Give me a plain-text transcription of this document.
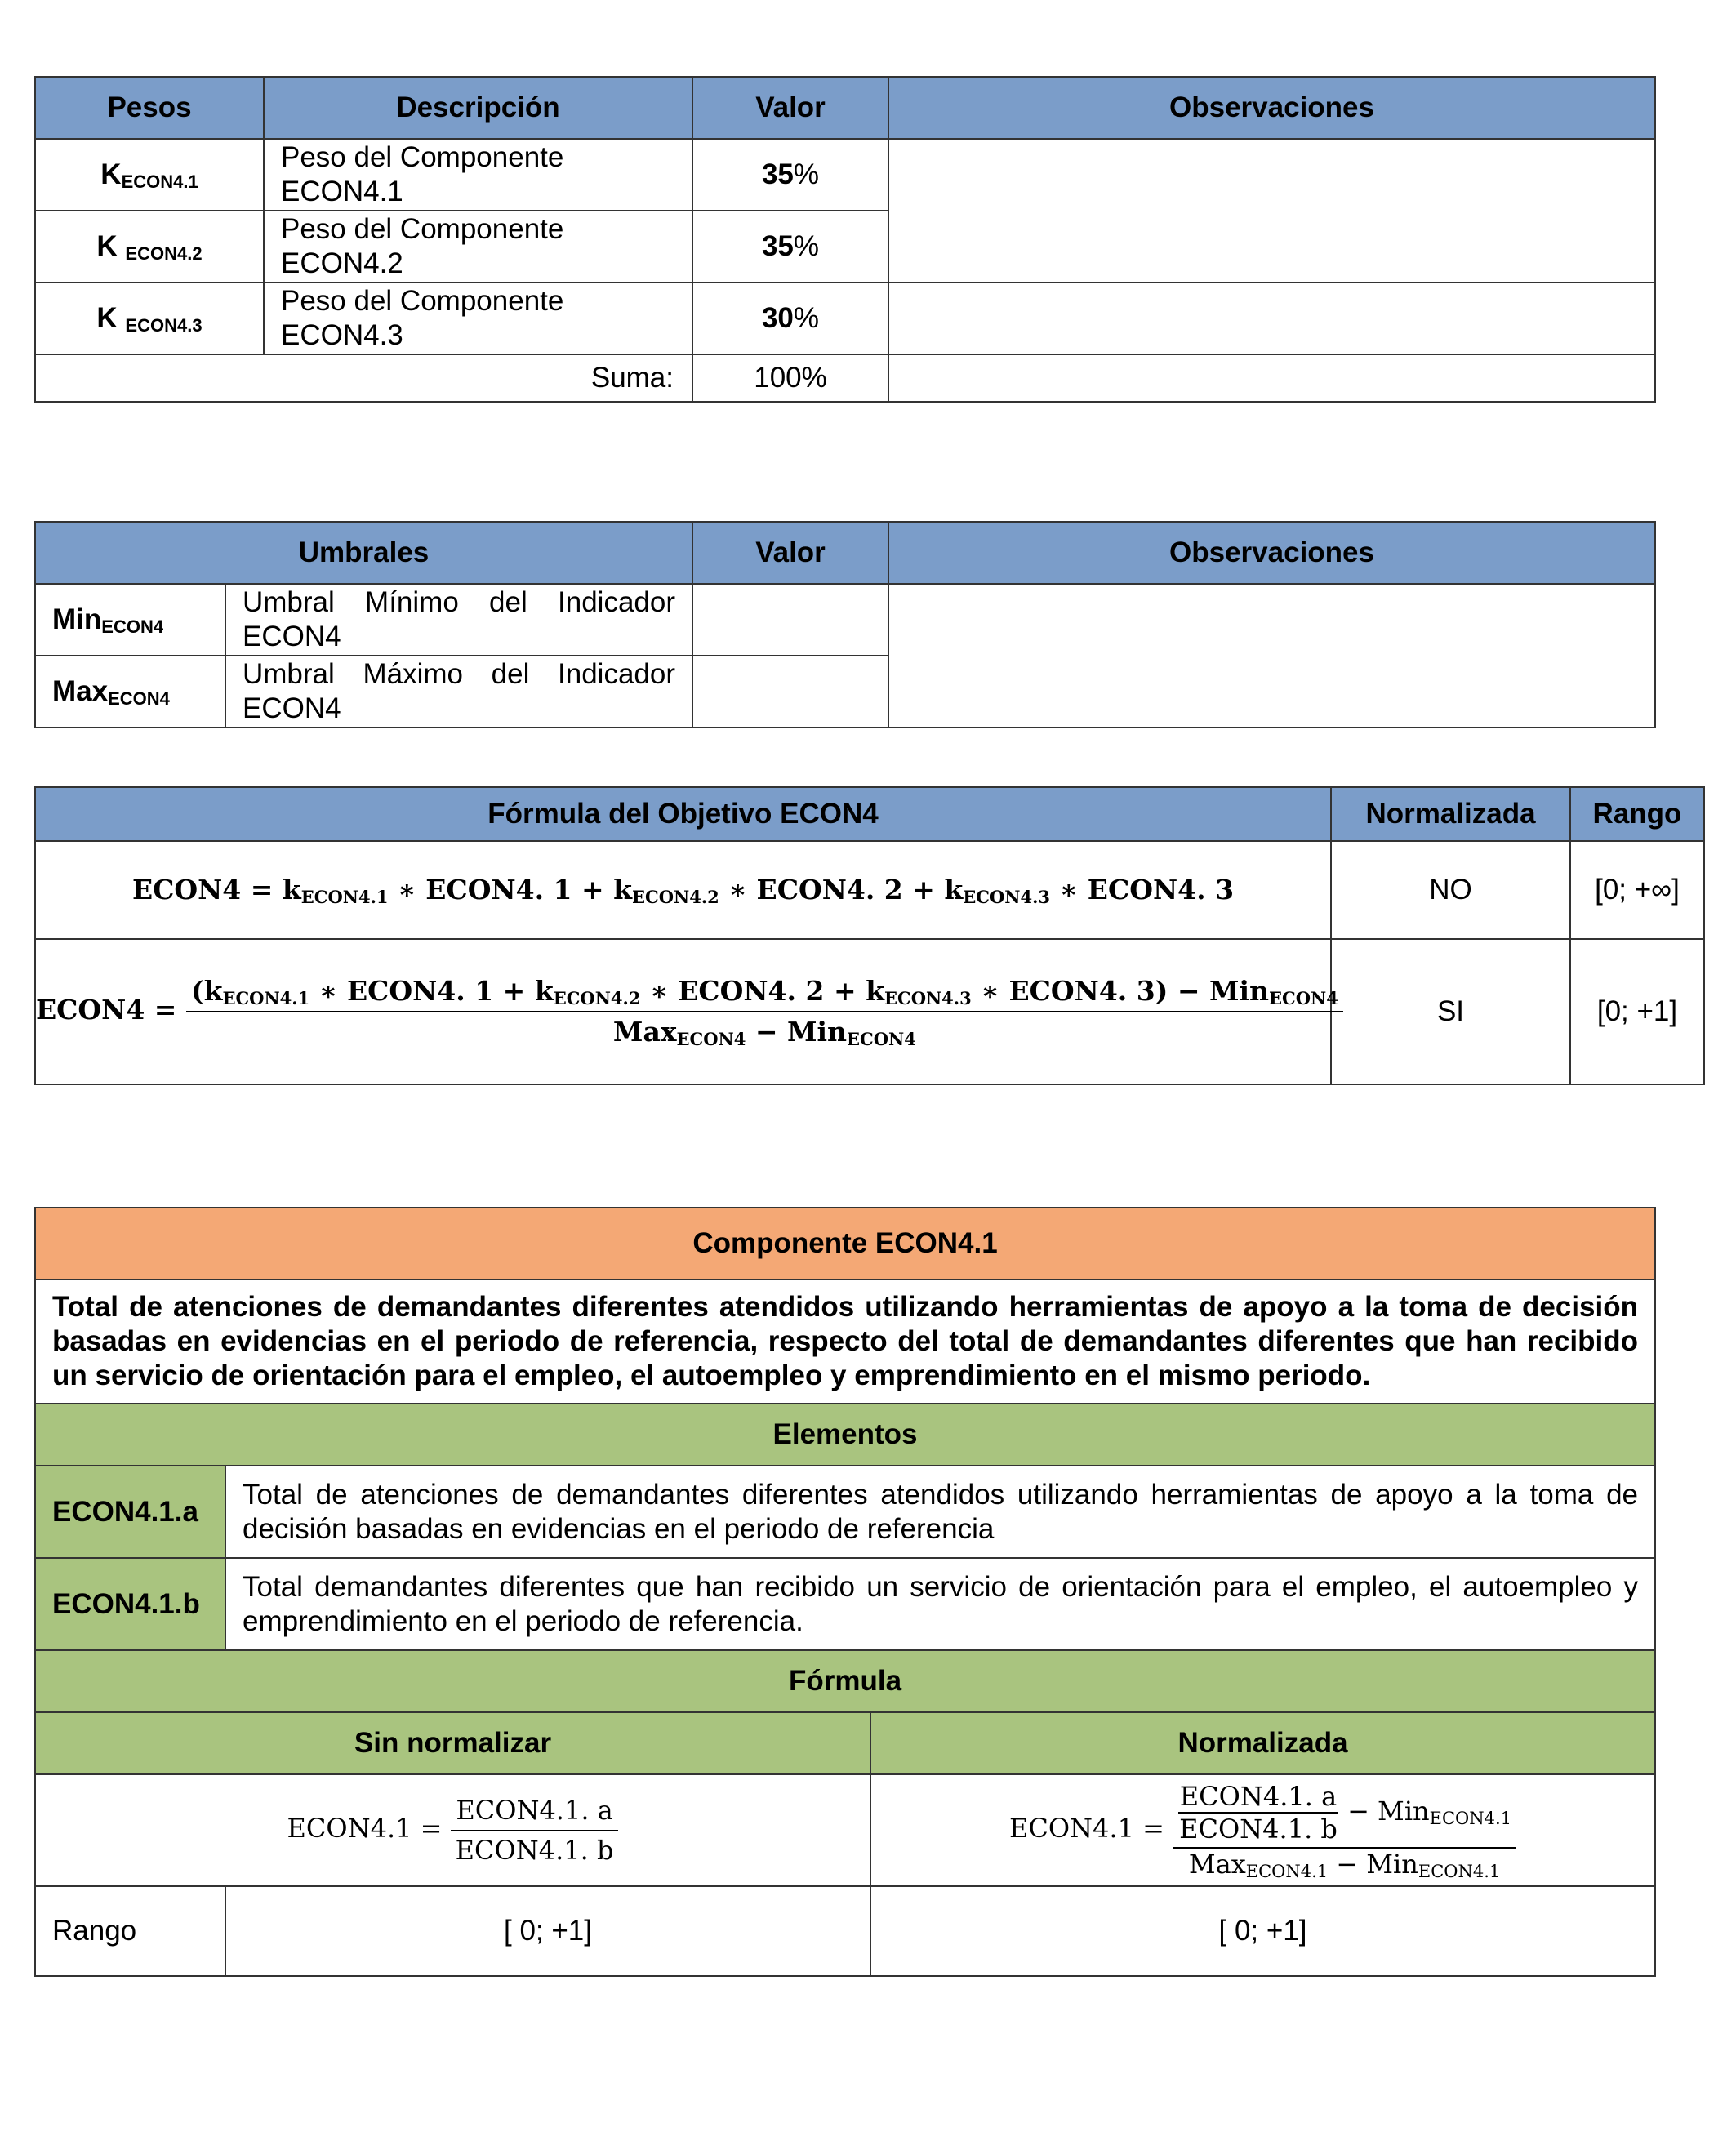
Pesos	Descripción	Valor	Observaciones
$K_{ECON4.1}$	Peso del Componente ECON4.1	35%	
K $_{ECON4.2}$	Peso del Componente ECON4.2	35%	
K $_{ECON4.3}$	Peso del Componente ECON4.3	30%	
Suma:		100%	
Umbrales		Valor	Observaciones
Min$_{ECON4}$	Umbral Mínimo del Indicador ECON4		
Max$_{ECON4}$	Umbral Máximo del Indicador ECON4		
Fórmula del Objetivo ECON4	Normalizada	Rango
ECON4 = $k_{ECON4.1}$ ∗ ECON4. $1 + k_{ECON4.2}$ ∗ ECON4. $2 + k_{ECON4.3}$ ∗ ECON4. 3	NO	[0; +∞]
ECON4 =
($k_{ECON4.1}$ ∗ ECON4. $1 + k_{ECON4.2}$ ∗ ECON4. $2 + k_{ECON4.3}$ ∗ ECON4. 3) − Min$_{ECON4}$
Max$_{ECON4}$ − Min$_{ECON4}$	SI	[0; +1]
Componente ECON4.1		
Total de atenciones de demandantes diferentes atendidos utilizando herramientas de apoyo a la toma de decisión basadas en evidencias en el periodo de referencia, respecto del total de demandantes diferentes que han recibido un servicio de orientación para el empleo, el autoempleo y emprendimiento en el mismo periodo.		
Elementos		
ECON4.1.a	Total de atenciones de demandantes diferentes atendidos utilizando herramientas de apoyo a la toma de decisión basadas en evidencias en el periodo de referencia	
ECON4.1.b	Total demandantes diferentes que han recibido un servicio de orientación para el empleo, el autoempleo y emprendimiento en el periodo de referencia.	
Fórmula		
Sin normalizar		Normalizada
ECON4.1 = $\frac{\text{ECON4.1. a}}{\text{ECON4.1. b}}$		ECON4.1 = $\frac{\frac{\text{ECON4.1. a}}{\text{ECON4.1. b}} - Min_{ECON4.1}}{Max_{ECON4.1} - Min_{ECON4.1}}$

Rango	[ 0; +1]	[ 0; +1]
